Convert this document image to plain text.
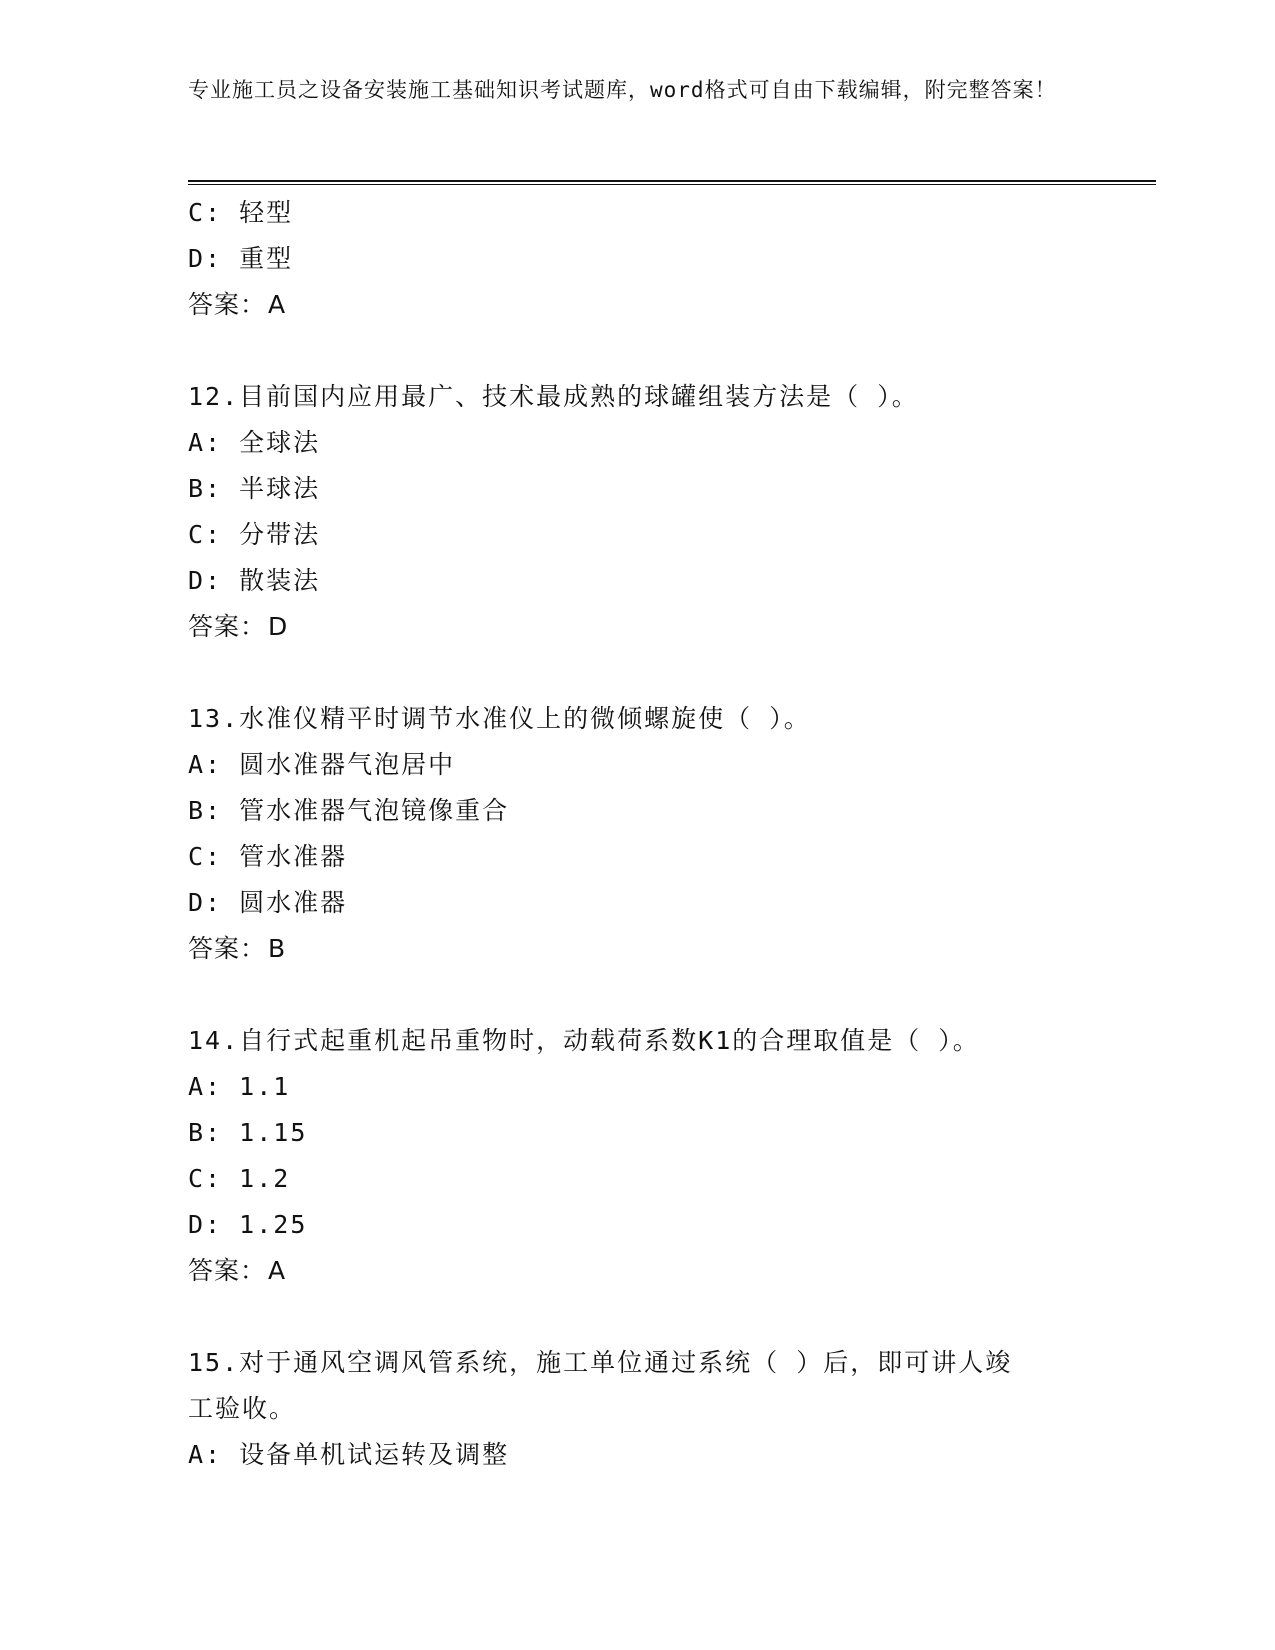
专业施工员之设备安装施工基础知识考试题库，word格式可自由下载编辑，附完整答案！
C: 轻型
D: 重型
答案：A
12.目前国内应用最广、技术最成熟的球罐组装方法是（ ）。
A: 全球法
B: 半球法
C: 分带法
D: 散装法
答案：D
13.水准仪精平时调节水准仪上的微倾螺旋使（ ）。
A: 圆水准器气泡居中
B: 管水准器气泡镜像重合
C: 管水准器
D: 圆水准器
答案：B
14.自行式起重机起吊重物时，动载荷系数K1的合理取值是（ ）。
A: 1.1
B: 1.15
C: 1.2
D: 1.25
答案：A
15.对于通风空调风管系统，施工单位通过系统（ ）后，即可讲人竣
工验收。
A: 设备单机试运转及调整
